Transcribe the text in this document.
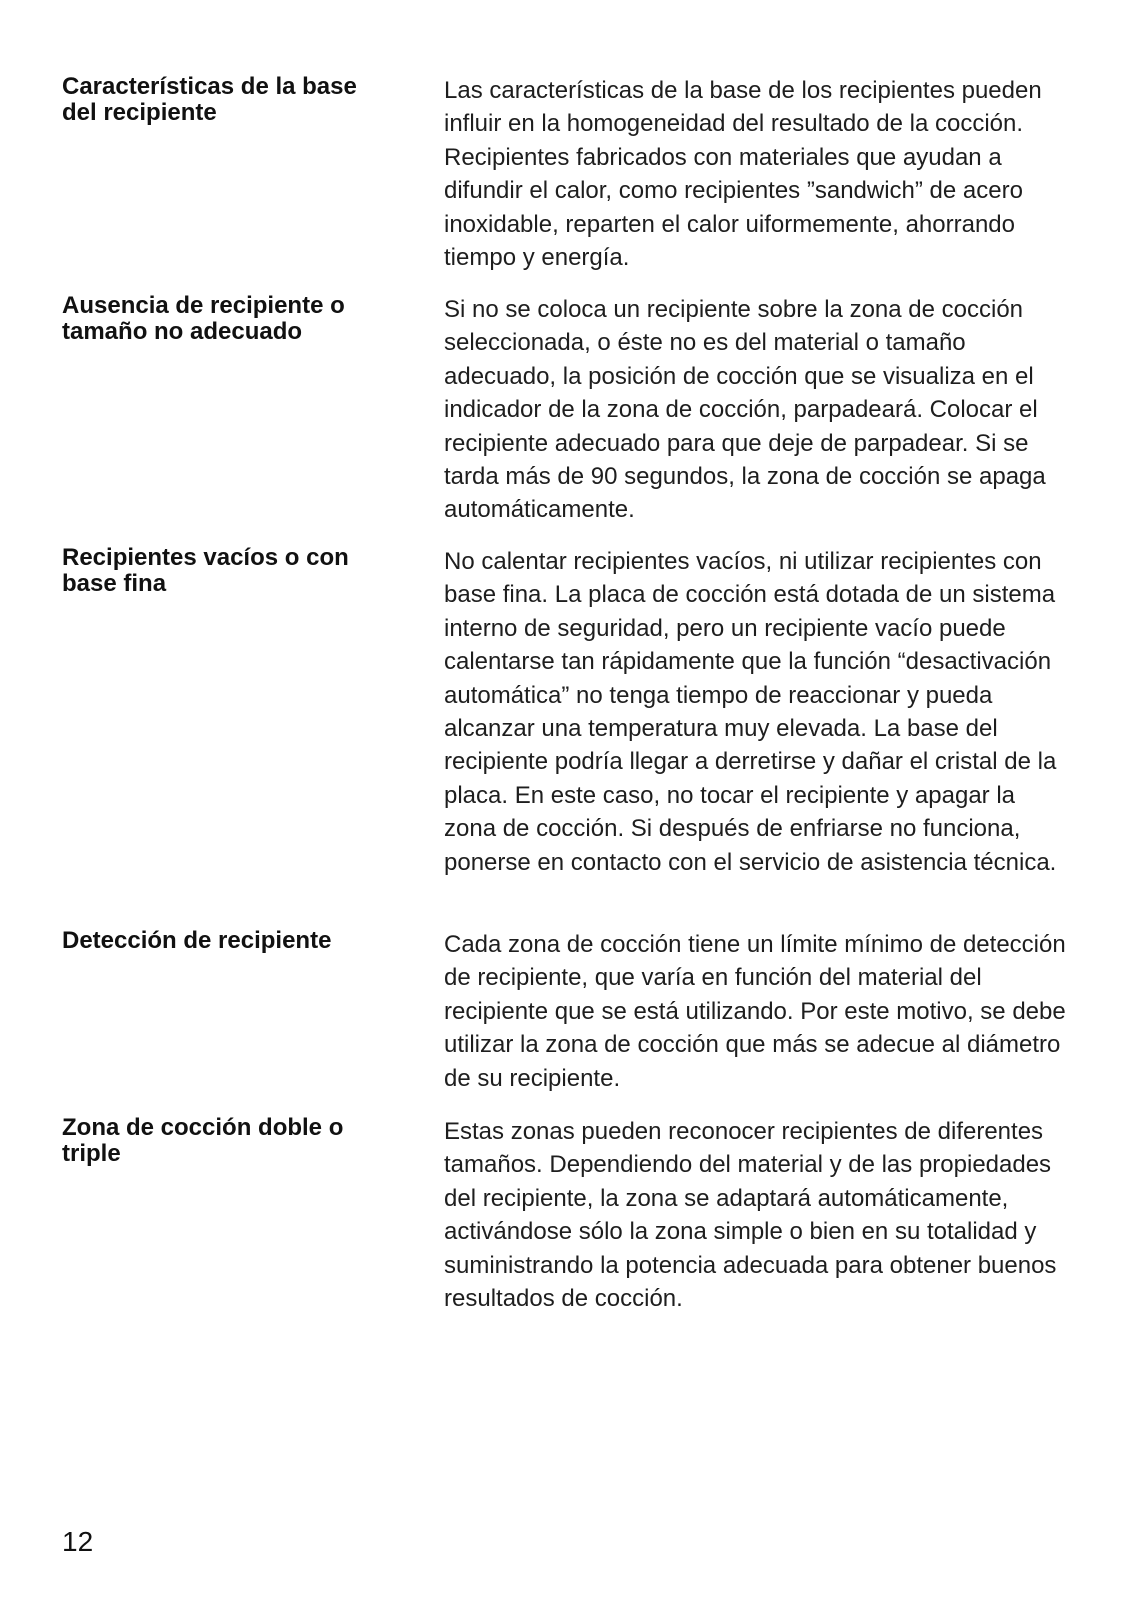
Características de la base del recipiente
Las características de la base de los recipientes pueden influir en la homogeneidad del resultado de la cocción. Recipientes fabricados con materiales que ayudan a difundir el calor, como recipientes ”sandwich” de acero inoxidable, reparten el calor uiformemente, ahorrando tiempo y energía.
Ausencia de recipiente o tamaño no adecuado
Si no se coloca un recipiente sobre la zona de cocción seleccionada, o éste no es del material o tamaño adecuado, la posición de cocción que se visualiza en el indicador de la zona de cocción, parpadeará. Colocar el recipiente adecuado para que deje de parpadear. Si se tarda más de 90 segundos, la zona de cocción se apaga automáticamente.
Recipientes vacíos o con base fina
No calentar recipientes vacíos, ni utilizar recipientes con base fina. La placa de cocción está dotada de un sistema interno de seguridad, pero un recipiente vacío puede calentarse tan rápidamente que la función “desactivación automática” no tenga tiempo de reaccionar y pueda alcanzar una temperatura muy elevada. La base del recipiente podría llegar a derretirse y dañar el cristal de la placa. En este caso, no tocar el recipiente y apagar la zona de cocción. Si después de enfriarse no funciona, ponerse en contacto con el servicio de asistencia técnica.
Detección de recipiente	Cada zona de cocción tiene un límite mínimo de detección de recipiente, que varía en función del material del recipiente que se está utilizando. Por este motivo, se debe utilizar la zona de cocción que más se adecue al diámetro de su recipiente.
Zona de cocción doble o triple
Estas zonas pueden reconocer recipientes de diferentes tamaños. Dependiendo del material y de las propiedades del recipiente, la zona se adaptará automáticamente, activándose sólo la zona simple o bien en su totalidad y suministrando la potencia adecuada para obtener buenos resultados de cocción.
12
